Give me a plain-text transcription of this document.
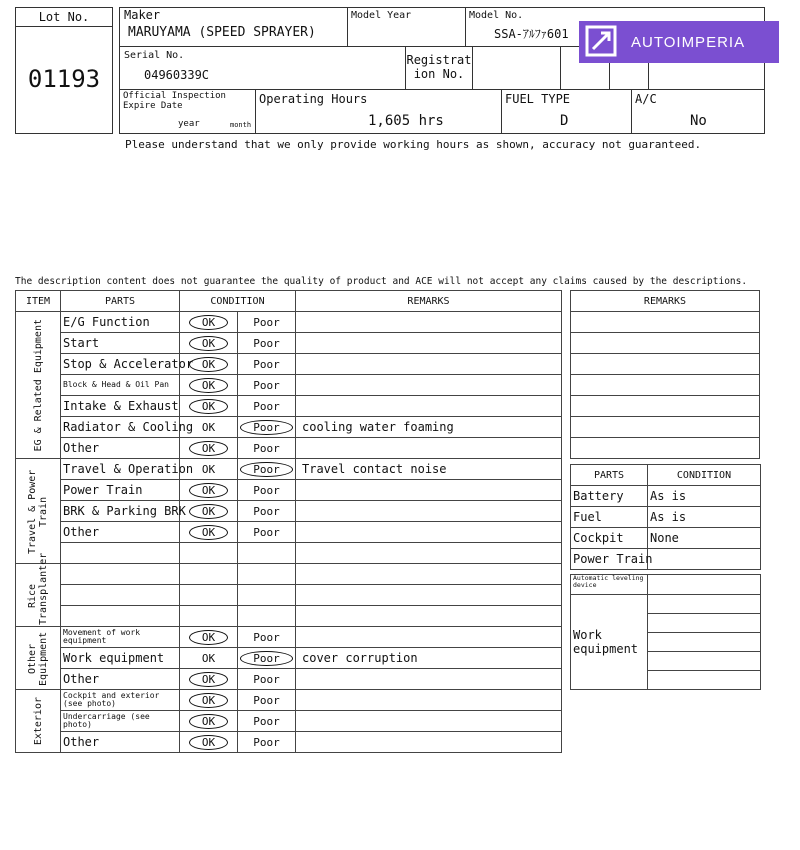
Lot No.
01193
Maker
MARUYAMA (SPEED SPRAYER)
Model Year	Model No.
SSA-ｱﾙﾌｧ601
Serial No.
04960339C
Registrat
ion No.
Official Inspection
Expire Date
year	month
Operating Hours
1,605 hrs
FUEL TYPE
D
A/C
No
Please understand that we only provide working hours as shown, accuracy not guaranteed.
AUTOIMPERIA
The description content does not guarantee the quality of product and ACE will not accept any claims caused by the descriptions.
ITEM	PARTS	CONDITION		REMARKS

EG & Related Equipment	E/G Function	OK	Poor	
	Start	OK	Poor	
	Stop & Accelerator	OK	Poor	
	Block & Head & Oil Pan	OK	Poor	
	Intake & Exhaust	OK	Poor	
	Radiator & Cooling	OK	Poor	cooling water foaming
	Other	OK	Poor	

Travel & Power Train	Travel & Operation	OK	Poor	Travel contact noise
	Power Train	OK	Poor	
	BRK & Parking BRK	OK	Poor	
	Other	OK	Poor	

Rice Transplanter				

Other Equipment	Movement of work equipment	OK	Poor	
	Work equipment	OK	Poor	cover corruption
	Other	OK	Poor	

Exterior	Cockpit and exterior (see photo)	OK	Poor	
	Undercarriage (see photo)	OK	Poor	
	Other	OK	Poor	
REMARKS

PARTS	CONDITION
Battery	As is
Fuel	As is
Cockpit	None
Power Train	
Automatic leveling device	
Work equipment	
